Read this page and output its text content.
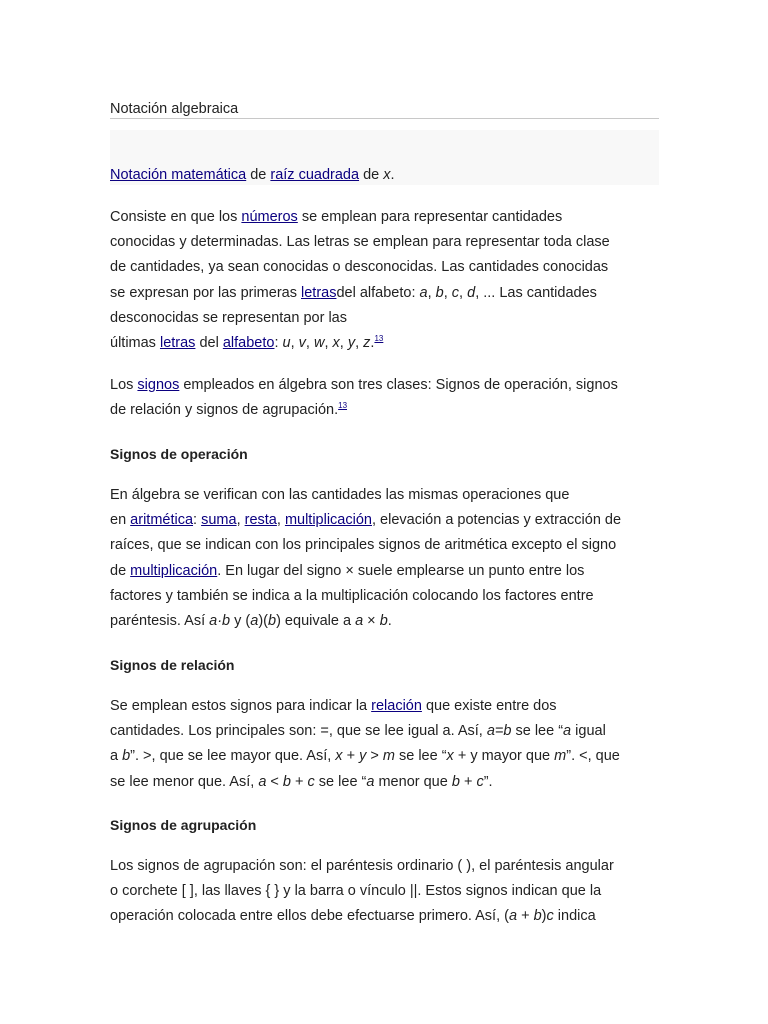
Notación algebraica
Notación matemática de raíz cuadrada de x.
Consiste en que los números se emplean para representar cantidades
conocidas y determinadas. Las letras se emplean para representar toda clase
de cantidades, ya sean conocidas o desconocidas. Las cantidades conocidas
se expresan por las primeras letrasdel alfabeto: a, b, c, d, ... Las cantidades
desconocidas se representan por las
últimas letras del alfabeto: u, v, w, x, y, z.$^{13}$
Los signos empleados en álgebra son tres clases: Signos de operación, signos
de relación y signos de agrupación.$^{13}$
Signos de operación
En álgebra se verifican con las cantidades las mismas operaciones que
en aritmética: suma, resta, multiplicación, elevación a potencias y extracción de
raíces, que se indican con los principales signos de aritmética excepto el signo
de multiplicación. En lugar del signo × suele emplearse un punto entre los
factores y también se indica a la multiplicación colocando los factores entre
paréntesis. Así a·b y (a)(b) equivale a a × b.
Signos de relación
Se emplean estos signos para indicar la relación que existe entre dos
cantidades. Los principales son: =, que se lee igual a. Así, a=b se lee “a igual
a b”. >, que se lee mayor que. Así, x + y > m se lee “x + y mayor que m”. <, que
se lee menor que. Así, a < b + c se lee “a menor que b + c”.
Signos de agrupación
Los signos de agrupación son: el paréntesis ordinario ( ), el paréntesis angular
o corchete [ ], las llaves { } y la barra o vínculo ||. Estos signos indican que la
operación colocada entre ellos debe efectuarse primero. Así, (a + b)c indica
